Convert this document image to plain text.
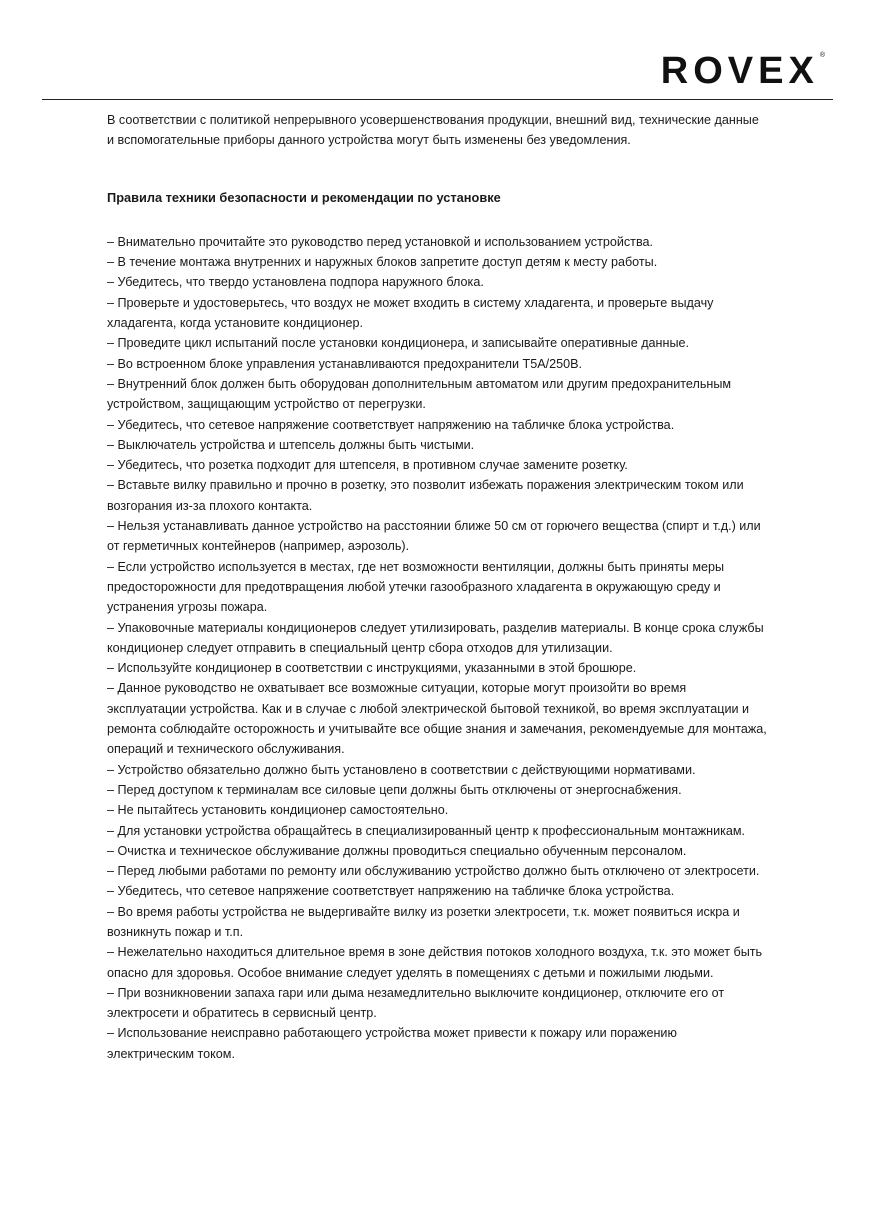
ROVEX ®

В соответствии с политикой непрерывного усовершенствования продукции, внешний вид, технические данные и вспомогательные приборы данного устройства могут быть изменены без уведомления.

Правила техники безопасности и рекомендации по установке

– Внимательно прочитайте это руководство перед установкой и использованием устройства.

– В течение монтажа внутренних и наружных блоков запретите доступ детям к месту работы.

– Убедитесь, что твердо установлена подпора наружного блока.

– Проверьте и удостоверьтесь, что воздух не может входить в систему хладагента, и проверьте выдачу хладагента, когда установите кондиционер.

– Проведите цикл испытаний после установки кондиционера, и записывайте оперативные данные.

– Во встроенном блоке управления устанавливаются предохранители T5A/250B.

– Внутренний блок должен быть оборудован дополнительным автоматом или другим предохранительным устройством, защищающим устройство от перегрузки.

– Убедитесь, что сетевое напряжение соответствует напряжению на табличке блока устройства.

– Выключатель устройства и штепсель должны быть чистыми.

– Убедитесь, что розетка подходит для штепселя, в противном случае замените розетку.

– Вставьте вилку правильно и прочно в розетку, это позволит избежать поражения электрическим током или возгорания из-за плохого контакта.

– Нельзя устанавливать данное устройство на расстоянии ближе 50 см от горючего вещества (спирт и т.д.) или от герметичных контейнеров (например, аэрозоль).

– Если устройство используется в местах, где нет возможности вентиляции, должны быть приняты меры предосторожности для предотвращения любой утечки газообразного хладагента в окружающую среду и устранения угрозы пожара.

– Упаковочные материалы кондиционеров следует утилизировать, разделив материалы. В конце срока службы кондиционер следует отправить в специальный центр сбора отходов для утилизации.

– Используйте кондиционер в соответствии с инструкциями, указанными в этой брошюре.

– Данное руководство не охватывает все возможные ситуации, которые могут произойти во время эксплуатации устройства. Как и в случае с любой электрической бытовой техникой, во время эксплуатации и ремонта соблюдайте осторожность и учитывайте все общие знания и замечания, рекомендуемые для монтажа, операций и технического обслуживания.

– Устройство обязательно должно быть установлено в соответствии с действующими нормативами.

– Перед доступом к терминалам все силовые цепи должны быть отключены от энергоснабжения.

– Не пытайтесь установить кондиционер самостоятельно.

– Для установки устройства обращайтесь в специализированный центр к профессиональным монтажникам.

– Очистка и техническое обслуживание должны проводиться специально обученным персоналом.

– Перед любыми работами по ремонту или обслуживанию устройство должно быть отключено от электросети.

– Убедитесь, что сетевое напряжение соответствует напряжению на табличке блока устройства.

– Во время работы устройства не выдергивайте вилку из розетки электросети, т.к. может появиться искра и возникнуть пожар и т.п.

– Нежелательно находиться длительное время в зоне действия потоков холодного воздуха, т.к. это может быть опасно для здоровья. Особое внимание следует уделять в помещениях с детьми и пожилыми людьми.

– При возникновении запаха гари или дыма незамедлительно выключите кондиционер, отключите его от электросети и обратитесь в сервисный центр.

– Использование неисправно работающего устройства может привести к пожару или поражению электрическим током.
